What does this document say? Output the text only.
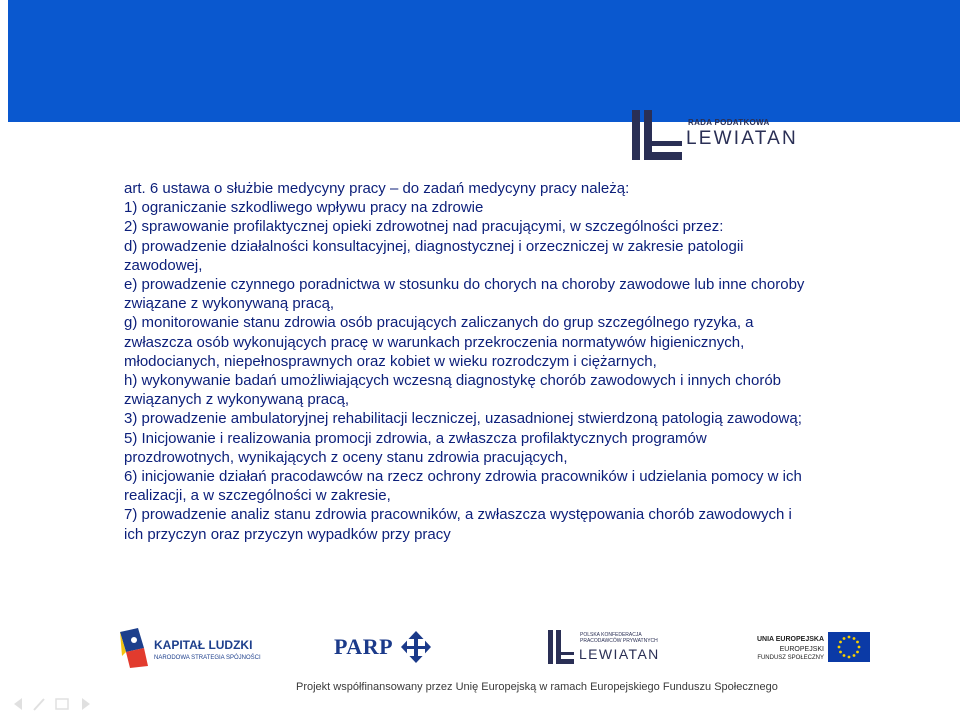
RADA PODATKOWA
LEWIATAN
art. 6 ustawa o służbie medycyny pracy – do zadań medycyny pracy należą:
1) ograniczanie szkodliwego wpływu pracy na zdrowie
2) sprawowanie profilaktycznej opieki zdrowotnej nad pracującymi, w szczególności przez:
d) prowadzenie działalności konsultacyjnej, diagnostycznej i orzeczniczej w zakresie patologii
zawodowej,
e) prowadzenie czynnego poradnictwa w stosunku do chorych na choroby zawodowe lub inne choroby
związane z wykonywaną pracą,
g) monitorowanie stanu zdrowia osób pracujących zaliczanych do grup szczególnego ryzyka, a
zwłaszcza osób wykonujących pracę w warunkach przekroczenia normatywów higienicznych,
młodocianych, niepełnosprawnych oraz kobiet w wieku rozrodczym i ciężarnych,
h) wykonywanie badań umożliwiających wczesną diagnostykę chorób zawodowych i innych chorób
związanych z wykonywaną pracą,
3) prowadzenie ambulatoryjnej rehabilitacji leczniczej, uzasadnionej stwierdzoną patologią zawodową;
5) Inicjowanie i realizowania promocji zdrowia, a zwłaszcza profilaktycznych programów
prozdrowotnych, wynikających z oceny stanu zdrowia pracujących,
6) inicjowanie działań pracodawców na rzecz ochrony zdrowia pracowników i udzielania pomocy w ich
realizacji, a w szczególności w zakresie,
7) prowadzenie analiz stanu zdrowia pracowników, a zwłaszcza występowania chorób zawodowych i
ich przyczyn oraz przyczyn wypadków przy pracy
KAPITAŁ LUDZKI
NARODOWA STRATEGIA SPÓJNOŚCI	PARP	POLSKA KONFEDERACJA
PRACODAWCÓW PRYWATNYCH
LEWIATAN
UNIA EUROPEJSKA
EUROPEJSKI
FUNDUSZ SPOŁECZNY
Projekt współfinansowany przez Unię Europejską w ramach Europejskiego Funduszu Społecznego
